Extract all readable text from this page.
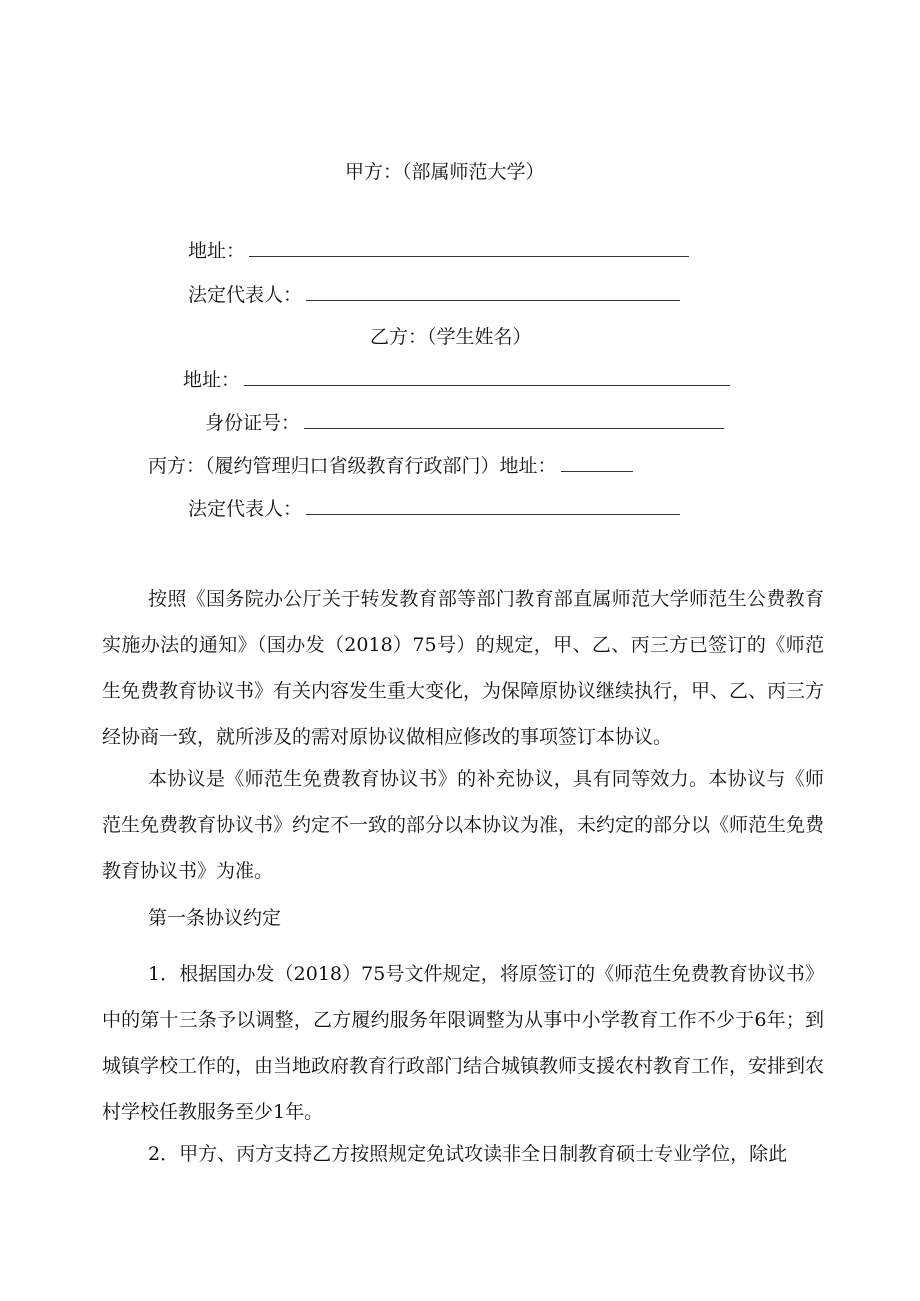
甲方：（部属师范大学）
地址：
法定代表人：
乙方：（学生姓名）
地址：
身份证号：
丙方：（履约管理归口省级教育行政部门）地址：
法定代表人：

按照《国务院办公厅关于转发教育部等部门教育部直属师范大学师范生公费教育实施办法的通知》（国办发（2018）75号）的规定，甲、乙、丙三方已签订的《师范生免费教育协议书》有关内容发生重大变化，为保障原协议继续执行，甲、乙、丙三方经协商一致，就所涉及的需对原协议做相应修改的事项签订本协议。

本协议是《师范生免费教育协议书》的补充协议，具有同等效力。本协议与《师范生免费教育协议书》约定不一致的部分以本协议为准，未约定的部分以《师范生免费教育协议书》为准。

第一条协议约定

1．根据国办发（2018）75号文件规定，将原签订的《师范生免费教育协议书》中的第十三条予以调整，乙方履约服务年限调整为从事中小学教育工作不少于6年；到城镇学校工作的，由当地政府教育行政部门结合城镇教师支援农村教育工作，安排到农村学校任教服务至少1年。

2．甲方、丙方支持乙方按照规定免试攻读非全日制教育硕士专业学位，除此
